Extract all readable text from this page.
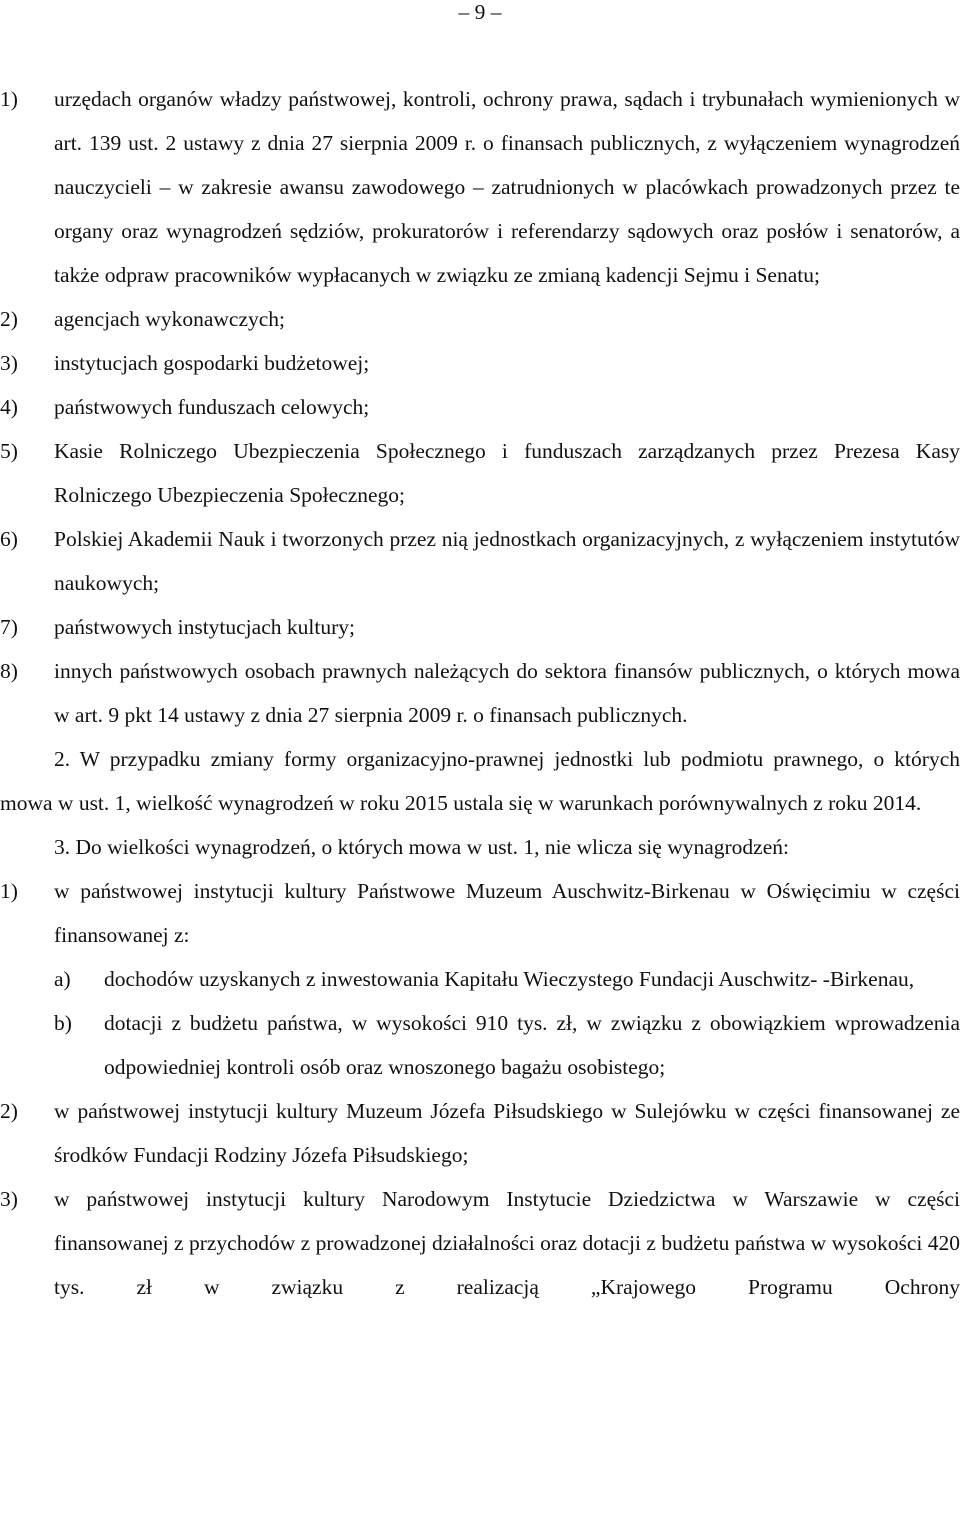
– 9 –
1) urzędach organów władzy państwowej, kontroli, ochrony prawa, sądach i trybunałach wymienionych w art. 139 ust. 2 ustawy z dnia 27 sierpnia 2009 r. o finansach publicznych, z wyłączeniem wynagrodzeń nauczycieli – w zakresie awansu zawodowego – zatrudnionych w placówkach prowadzonych przez te organy oraz wynagrodzeń sędziów, prokuratorów i referendarzy sądowych oraz posłów i senatorów, a także odpraw pracowników wypłacanych w związku ze zmianą kadencji Sejmu i Senatu;
2) agencjach wykonawczych;
3) instytucjach gospodarki budżetowej;
4) państwowych funduszach celowych;
5) Kasie Rolniczego Ubezpieczenia Społecznego i funduszach zarządzanych przez Prezesa Kasy Rolniczego Ubezpieczenia Społecznego;
6) Polskiej Akademii Nauk i tworzonych przez nią jednostkach organizacyjnych, z wyłączeniem instytutów naukowych;
7) państwowych instytucjach kultury;
8) innych państwowych osobach prawnych należących do sektora finansów publicznych, o których mowa w art. 9 pkt 14 ustawy z dnia 27 sierpnia 2009 r. o finansach publicznych.
2. W przypadku zmiany formy organizacyjno-prawnej jednostki lub podmiotu prawnego, o których mowa w ust. 1, wielkość wynagrodzeń w roku 2015 ustala się w warunkach porównywalnych z roku 2014.
3. Do wielkości wynagrodzeń, o których mowa w ust. 1, nie wlicza się wynagrodzeń:
1) w państwowej instytucji kultury Państwowe Muzeum Auschwitz-Birkenau w Oświęcimiu w części finansowanej z:
a) dochodów uzyskanych z inwestowania Kapitału Wieczystego Fundacji Auschwitz- -Birkenau,
b) dotacji z budżetu państwa, w wysokości 910 tys. zł, w związku z obowiązkiem wprowadzenia odpowiedniej kontroli osób oraz wnoszonego bagażu osobistego;
2) w państwowej instytucji kultury Muzeum Józefa Piłsudskiego w Sulejówku w części finansowanej ze środków Fundacji Rodziny Józefa Piłsudskiego;
3) w państwowej instytucji kultury Narodowym Instytucie Dziedzictwa w Warszawie w części finansowanej z przychodów z prowadzonej działalności oraz dotacji z budżetu państwa w wysokości 420 tys. zł w związku z realizacją „Krajowego Programu Ochrony
